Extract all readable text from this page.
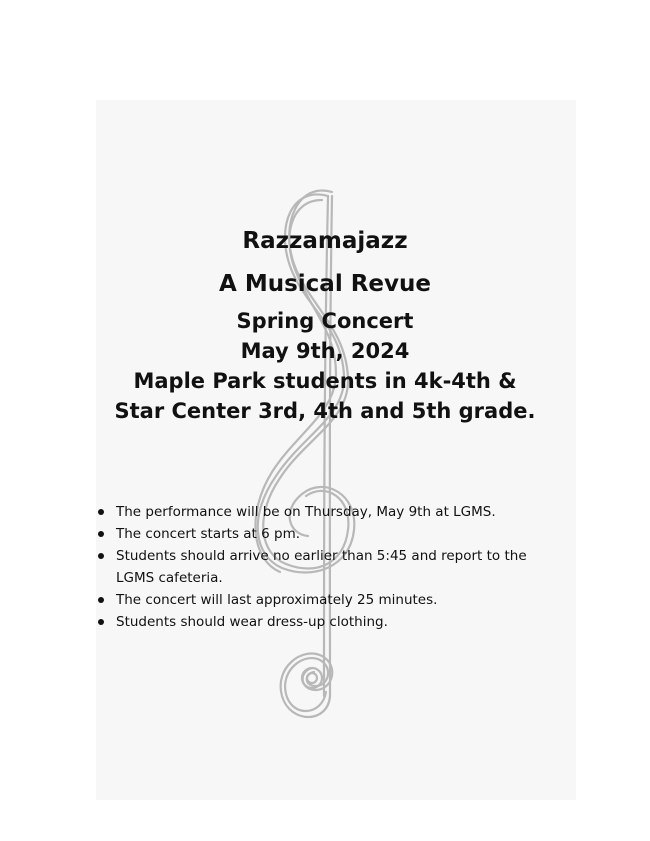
Razzamajazz
A Musical Revue
Spring Concert
May 9th, 2024
Maple Park students in 4k-4th &
Star Center 3rd, 4th and 5th grade.
The performance will be on Thursday, May 9th at LGMS.
The concert starts at 6 pm.
Students should arrive no earlier than 5:45 and report to the LGMS cafeteria.
The concert will last approximately 25 minutes.
Students should wear dress-up clothing.
